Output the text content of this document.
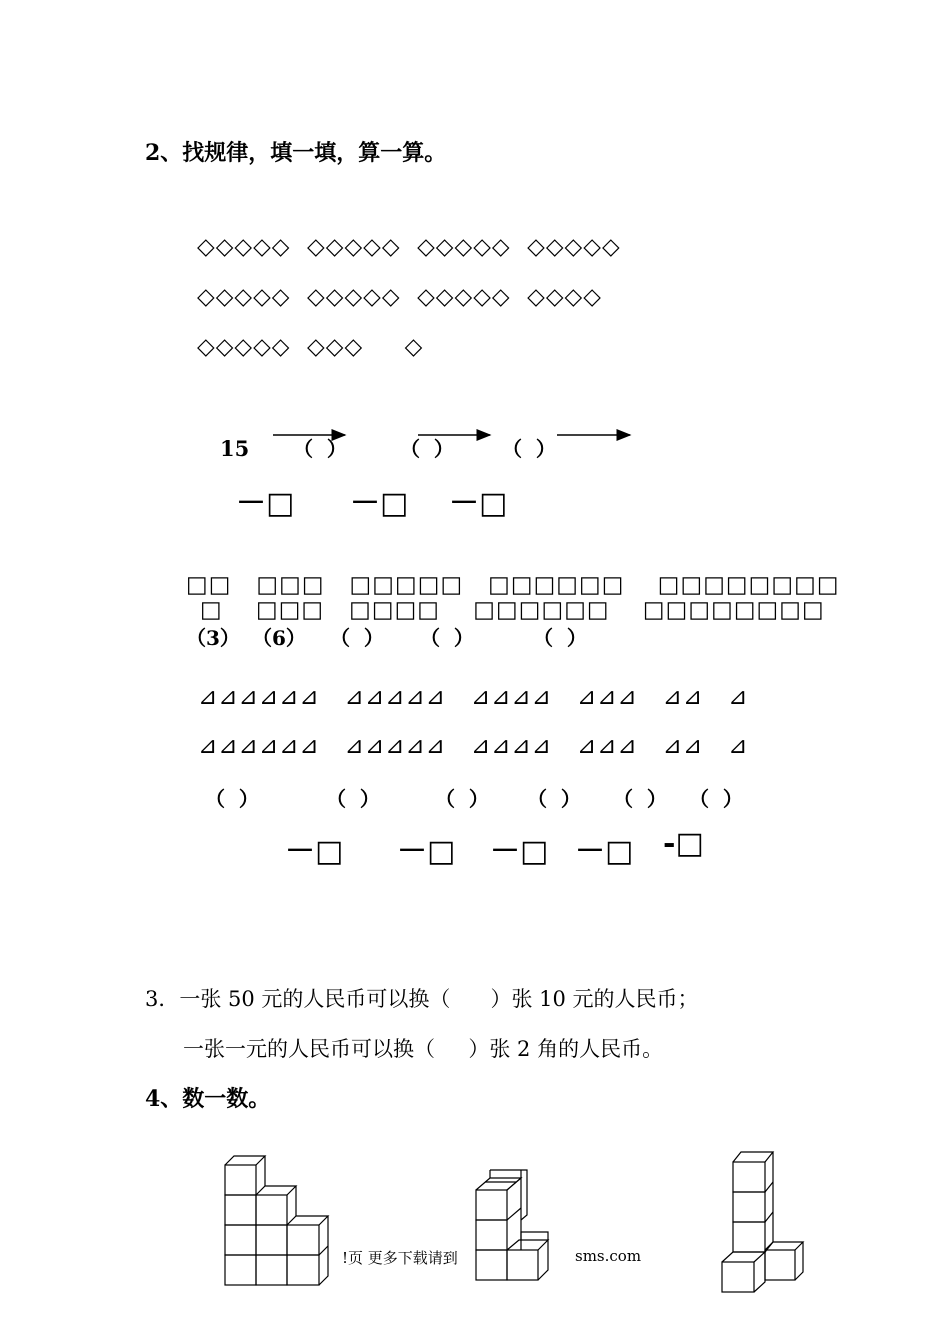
2、找规律，填一填，算一算。
◇◇◇◇◇  ◇◇◇◇◇  ◇◇◇◇◇  ◇◇◇◇◇
◇◇◇◇◇  ◇◇◇◇◇  ◇◇◇◇◇  ◇◇◇◇
◇◇◇◇◇  ◇◇◇     ◇
15 （  ）	（  ） （  ）
－□ －□ －□
□□   □□□   □□□□□   □□□□□□    □□□□□□□□
□    □□□   □□□□    □□□□□□    □□□□□□□□
（3） （6） （  ） （  ）	（  ）
⊿⊿⊿⊿⊿⊿   ⊿⊿⊿⊿⊿   ⊿⊿⊿⊿   ⊿⊿⊿   ⊿⊿   ⊿
⊿⊿⊿⊿⊿⊿   ⊿⊿⊿⊿⊿   ⊿⊿⊿⊿   ⊿⊿⊿   ⊿⊿   ⊿
（  ）	（  ）	（  ） （  ） （  ） （  ）
－□ －□ －□ －□ -□
3．一张 50 元的人民币可以换（      ）张 10 元的人民币；
一张一元的人民币可以换（     ）张 2 角的人民币。
4、数一数。
!页 更多下载请到	sms.com
